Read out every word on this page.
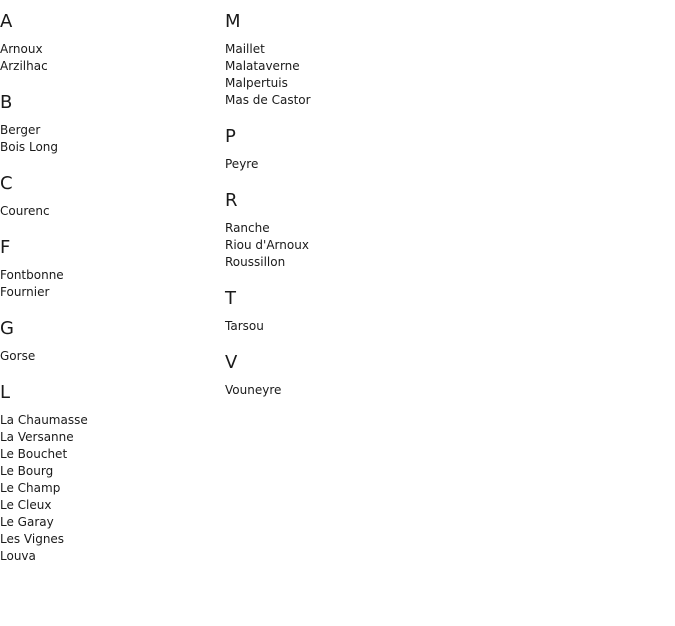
A
Arnoux
Arzilhac
B
Berger
Bois Long
C
Courenc
F
Fontbonne
Fournier
G
Gorse
L
La Chaumasse
La Versanne
Le Bouchet
Le Bourg
Le Champ
Le Cleux
Le Garay
Les Vignes
Louva
M
Maillet
Malataverne
Malpertuis
Mas de Castor
P
Peyre
R
Ranche
Riou d'Arnoux
Roussillon
T
Tarsou
V
Vouneyre
